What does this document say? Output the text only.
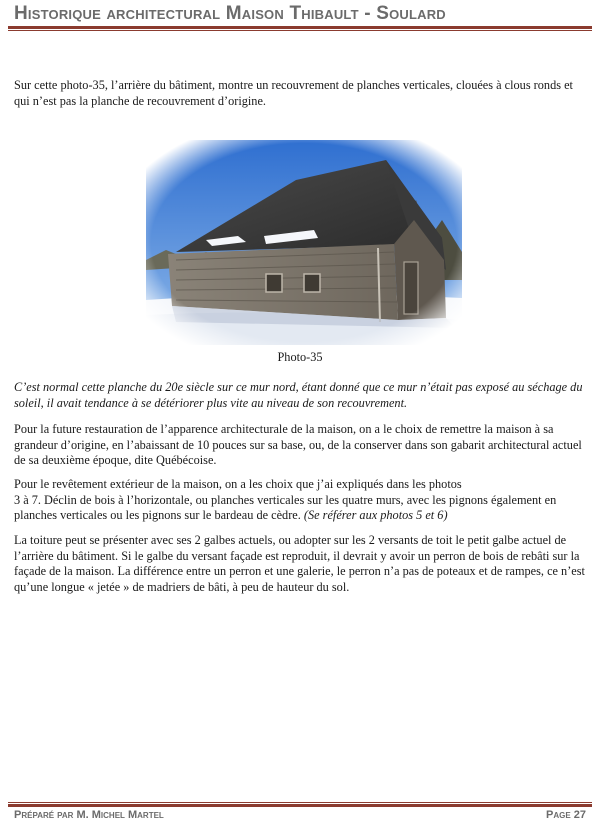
Historique architectural Maison Thibault - Soulard

Sur cette photo-35, l’arrière du bâtiment, montre un recouvrement de planches verticales, clouées à clous ronds et qui n’est pas la planche de recouvrement d’origine.

Photo-35

C’est normal cette planche du 20e siècle sur ce mur nord, étant donné que ce mur n’était pas exposé au séchage du soleil, il avait tendance à se détériorer plus vite au niveau de son recouvrement.

Pour la future restauration de l’apparence architecturale de la maison, on a le choix de remettre la maison à sa grandeur d’origine, en l’abaissant de 10 pouces sur sa base, ou, de la conserver dans son gabarit architectural actuel de sa deuxième époque, dite Québécoise.

Pour le revêtement extérieur de la maison, on a les choix que j’ai expliqués dans les photos
3 à 7. Déclin de bois à l’horizontale, ou planches verticales sur les quatre murs, avec les pignons également en planches verticales ou les pignons sur le bardeau de cèdre. (Se référer aux photos 5 et 6)

La toiture peut se présenter avec ses 2 galbes actuels, ou adopter sur les 2 versants de toit le petit galbe actuel de l’arrière du bâtiment. Si le galbe du versant façade est reproduit, il devrait y avoir un perron de bois de rebâti sur la façade de la maison. La différence entre un perron et une galerie, le perron n’a pas de poteaux et de rampes, ce n’est qu’une longue « jetée » de madriers de bâti, à peu de hauteur du sol.

Préparé par M. Michel Martel	Page 27
